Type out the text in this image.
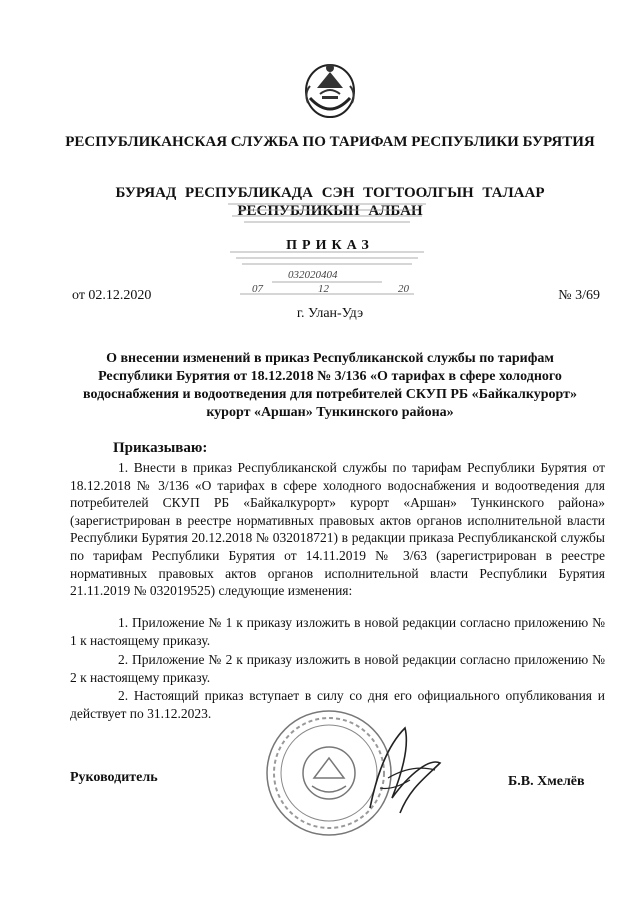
РЕСПУБЛИКАНСКАЯ СЛУЖБА ПО ТАРИФАМ РЕСПУБЛИКИ БУРЯТИЯ
БУРЯАД РЕСПУБЛИКАДА СЭН ТОГТООЛГЫН ТАЛААР РЕСПУБЛИКЫН АЛБАН
032020404
07	12	20
ПРИКАЗ
от 02.12.2020	№ 3/69
г. Улан-Удэ
О внесении изменений в приказ Республиканской службы по тарифам Республики Бурятия от 18.12.2018 № 3/136 «О тарифах в сфере холодного водоснабжения и водоотведения для потребителей СКУП РБ «Байкалкурорт» курорт «Аршан» Тункинского района»
Приказываю:
1. Внести в приказ Республиканской службы по тарифам Республики Бурятия от 18.12.2018 № 3/136 «О тарифах в сфере холодного водоснабжения и водоотведения для потребителей СКУП РБ «Байкалкурорт» курорт «Аршан» Тункинского района» (зарегистрирован в реестре нормативных правовых актов органов исполнительной власти Республики Бурятия 20.12.2018 № 032018721) в редакции приказа Республиканской службы по тарифам Республики Бурятия от 14.11.2019 № 3/63 (зарегистрирован в реестре нормативных правовых актов органов исполнительной власти Республики Бурятия 21.11.2019 № 032019525) следующие изменения:
1. Приложение № 1 к приказу изложить в новой редакции согласно приложению № 1 к настоящему приказу.
2. Приложение № 2 к приказу изложить в новой редакции согласно приложению № 2 к настоящему приказу.
2. Настоящий приказ вступает в силу со дня его официального опубликования и действует по 31.12.2023.
Руководитель	Б.В. Хмелёв
